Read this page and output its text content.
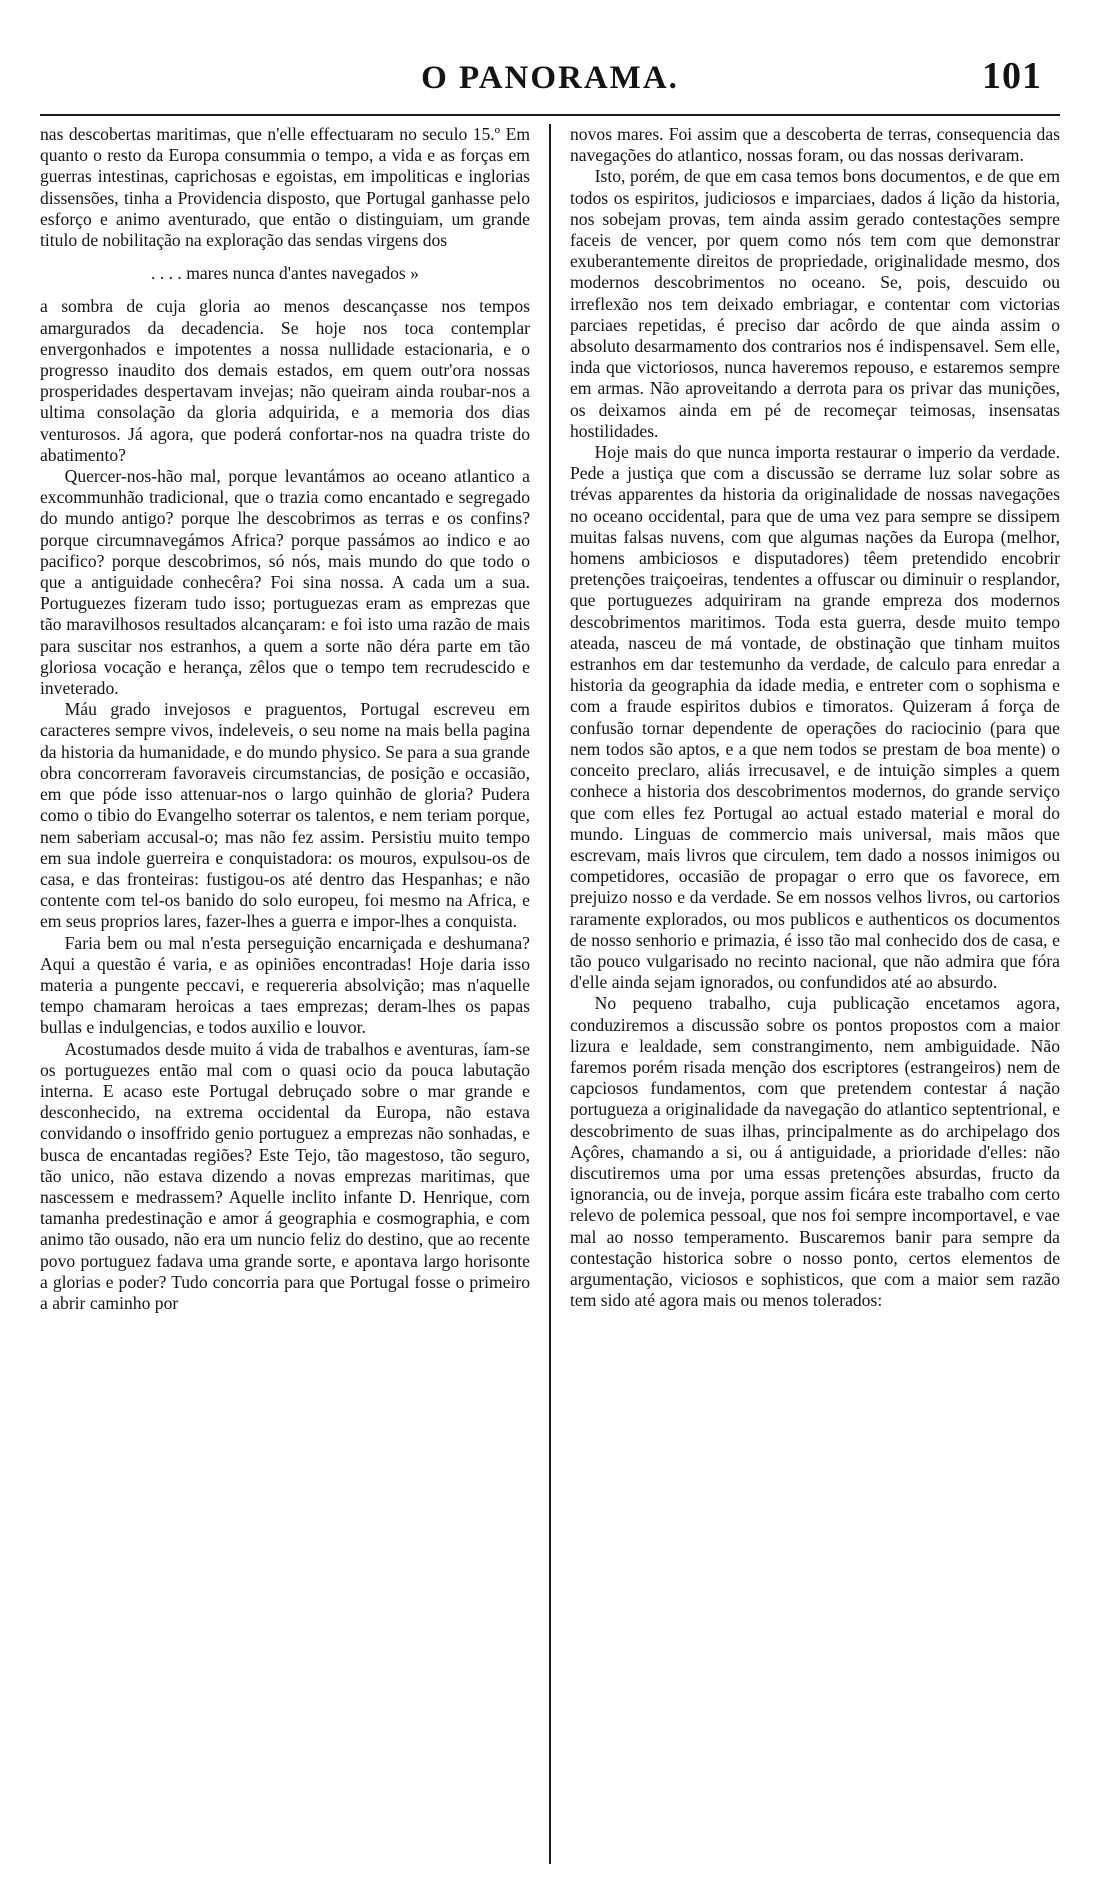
O PANORAMA.	101

nas descobertas maritimas, que n'elle effectuaram no seculo 15.º Em quanto o resto da Europa consummia o tempo, a vida e as forças em guerras intestinas, caprichosas e egoistas, em impoliticas e inglorias dissensões, tinha a Providencia disposto, que Portugal ganhasse pelo esforço e animo aventurado, que então o distinguiam, um grande titulo de nobilitação na exploração das sendas virgens dos

. . . . mares nunca d'antes navegados »

a sombra de cuja gloria ao menos descançasse nos tempos amargurados da decadencia. Se hoje nos toca contemplar envergonhados e impotentes a nossa nullidade estacionaria, e o progresso inaudito dos demais estados, em quem outr'ora nossas prosperidades despertavam invejas; não queiram ainda roubar-nos a ultima consolação da gloria adquirida, e a memoria dos dias venturosos. Já agora, que poderá confortar-nos na quadra triste do abatimento?

Quercer-nos-hão mal, porque levantámos ao oceano atlantico a excommunhão tradicional, que o trazia como encantado e segregado do mundo antigo? porque lhe descobrimos as terras e os confins? porque circumnavegámos Africa? porque passámos ao indico e ao pacifico? porque descobrimos, só nós, mais mundo do que todo o que a antiguidade conhecêra? Foi sina nossa. A cada um a sua. Portuguezes fizeram tudo isso; portuguezas eram as emprezas que tão maravilhosos resultados alcançaram: e foi isto uma razão de mais para suscitar nos estranhos, a quem a sorte não déra parte em tão gloriosa vocação e herança, zêlos que o tempo tem recrudescido e inveterado.

Máu grado invejosos e praguentos, Portugal escreveu em caracteres sempre vivos, indeleveis, o seu nome na mais bella pagina da historia da humanidade, e do mundo physico. Se para a sua grande obra concorreram favoraveis circumstancias, de posição e occasião, em que póde isso attenuar-nos o largo quinhão de gloria? Pudera como o tibio do Evangelho soterrar os talentos, e nem teriam porque, nem saberiam accusal-o; mas não fez assim. Persistiu muito tempo em sua indole guerreira e conquistadora: os mouros, expulsou-os de casa, e das fronteiras: fustigou-os até dentro das Hespanhas; e não contente com tel-os banido do solo europeu, foi mesmo na Africa, e em seus proprios lares, fazer-lhes a guerra e impor-lhes a conquista.

Faria bem ou mal n'esta perseguição encarniçada e deshumana? Aqui a questão é varia, e as opiniões encontradas! Hoje daria isso materia a pungente peccavi, e requereria absolvição; mas n'aquelle tempo chamaram heroicas a taes emprezas; deram-lhes os papas bullas e indulgencias, e todos auxilio e louvor.

Acostumados desde muito á vida de trabalhos e aventuras, íam-se os portuguezes então mal com o quasi ocio da pouca labutação interna. E acaso este Portugal debruçado sobre o mar grande e desconhecido, na extrema occidental da Europa, não estava convidando o insoffrido genio portuguez a emprezas não sonhadas, e busca de encantadas regiões? Este Tejo, tão magestoso, tão seguro, tão unico, não estava dizendo a novas emprezas maritimas, que nascessem e medrassem? Aquelle inclito infante D. Henrique, com tamanha predestinação e amor á geographia e cosmographia, e com animo tão ousado, não era um nuncio feliz do destino, que ao recente povo portuguez fadava uma grande sorte, e apontava largo horisonte a glorias e poder? Tudo concorria para que Portugal fosse o primeiro a abrir caminho por

novos mares. Foi assim que a descoberta de terras, consequencia das navegações do atlantico, nossas foram, ou das nossas derivaram.

Isto, porém, de que em casa temos bons documentos, e de que em todos os espiritos, judiciosos e imparciaes, dados á lição da historia, nos sobejam provas, tem ainda assim gerado contestações sempre faceis de vencer, por quem como nós tem com que demonstrar exuberantemente direitos de propriedade, originalidade mesmo, dos modernos descobrimentos no oceano. Se, pois, descuido ou irreflexão nos tem deixado embriagar, e contentar com victorias parciaes repetidas, é preciso dar acôrdo de que ainda assim o absoluto desarmamento dos contrarios nos é indispensavel. Sem elle, inda que victoriosos, nunca haveremos repouso, e estaremos sempre em armas. Não aproveitando a derrota para os privar das munições, os deixamos ainda em pé de recomeçar teimosas, insensatas hostilidades.

Hoje mais do que nunca importa restaurar o imperio da verdade. Pede a justiça que com a discussão se derrame luz solar sobre as trévas apparentes da historia da originalidade de nossas navegações no oceano occidental, para que de uma vez para sempre se dissipem muitas falsas nuvens, com que algumas nações da Europa (melhor, homens ambiciosos e disputadores) têem pretendido encobrir pretenções traiçoeiras, tendentes a offuscar ou diminuir o resplandor, que portuguezes adquiriram na grande empreza dos modernos descobrimentos maritimos. Toda esta guerra, desde muito tempo ateada, nasceu de má vontade, de obstinação que tinham muitos estranhos em dar testemunho da verdade, de calculo para enredar a historia da geographia da idade media, e entreter com o sophisma e com a fraude espiritos dubios e timoratos. Quizeram á força de confusão tornar dependente de operações do raciocinio (para que nem todos são aptos, e a que nem todos se prestam de boa mente) o conceito preclaro, aliás irrecusavel, e de intuição simples a quem conhece a historia dos descobrimentos modernos, do grande serviço que com elles fez Portugal ao actual estado material e moral do mundo. Linguas de commercio mais universal, mais mãos que escrevam, mais livros que circulem, tem dado a nossos inimigos ou competidores, occasião de propagar o erro que os favorece, em prejuizo nosso e da verdade. Se em nossos velhos livros, ou cartorios raramente explorados, ou mos publicos e authenticos os documentos de nosso senhorio e primazia, é isso tão mal conhecido dos de casa, e tão pouco vulgarisado no recinto nacional, que não admira que fóra d'elle ainda sejam ignorados, ou confundidos até ao absurdo.

No pequeno trabalho, cuja publicação encetamos agora, conduziremos a discussão sobre os pontos propostos com a maior lizura e lealdade, sem constrangimento, nem ambiguidade. Não faremos porém risada menção dos escriptores (estrangeiros) nem de capciosos fundamentos, com que pretendem contestar á nação portugueza a originalidade da navegação do atlantico septentrional, e descobrimento de suas ilhas, principalmente as do archipelago dos Açôres, chamando a si, ou á antiguidade, a prioridade d'elles: não discutiremos uma por uma essas pretenções absurdas, fructo da ignorancia, ou de inveja, porque assim ficára este trabalho com certo relevo de polemica pessoal, que nos foi sempre incomportavel, e vae mal ao nosso temperamento. Buscaremos banir para sempre da contestação historica sobre o nosso ponto, certos elementos de argumentação, viciosos e sophisticos, que com a maior sem razão tem sido até agora mais ou menos tolerados:
